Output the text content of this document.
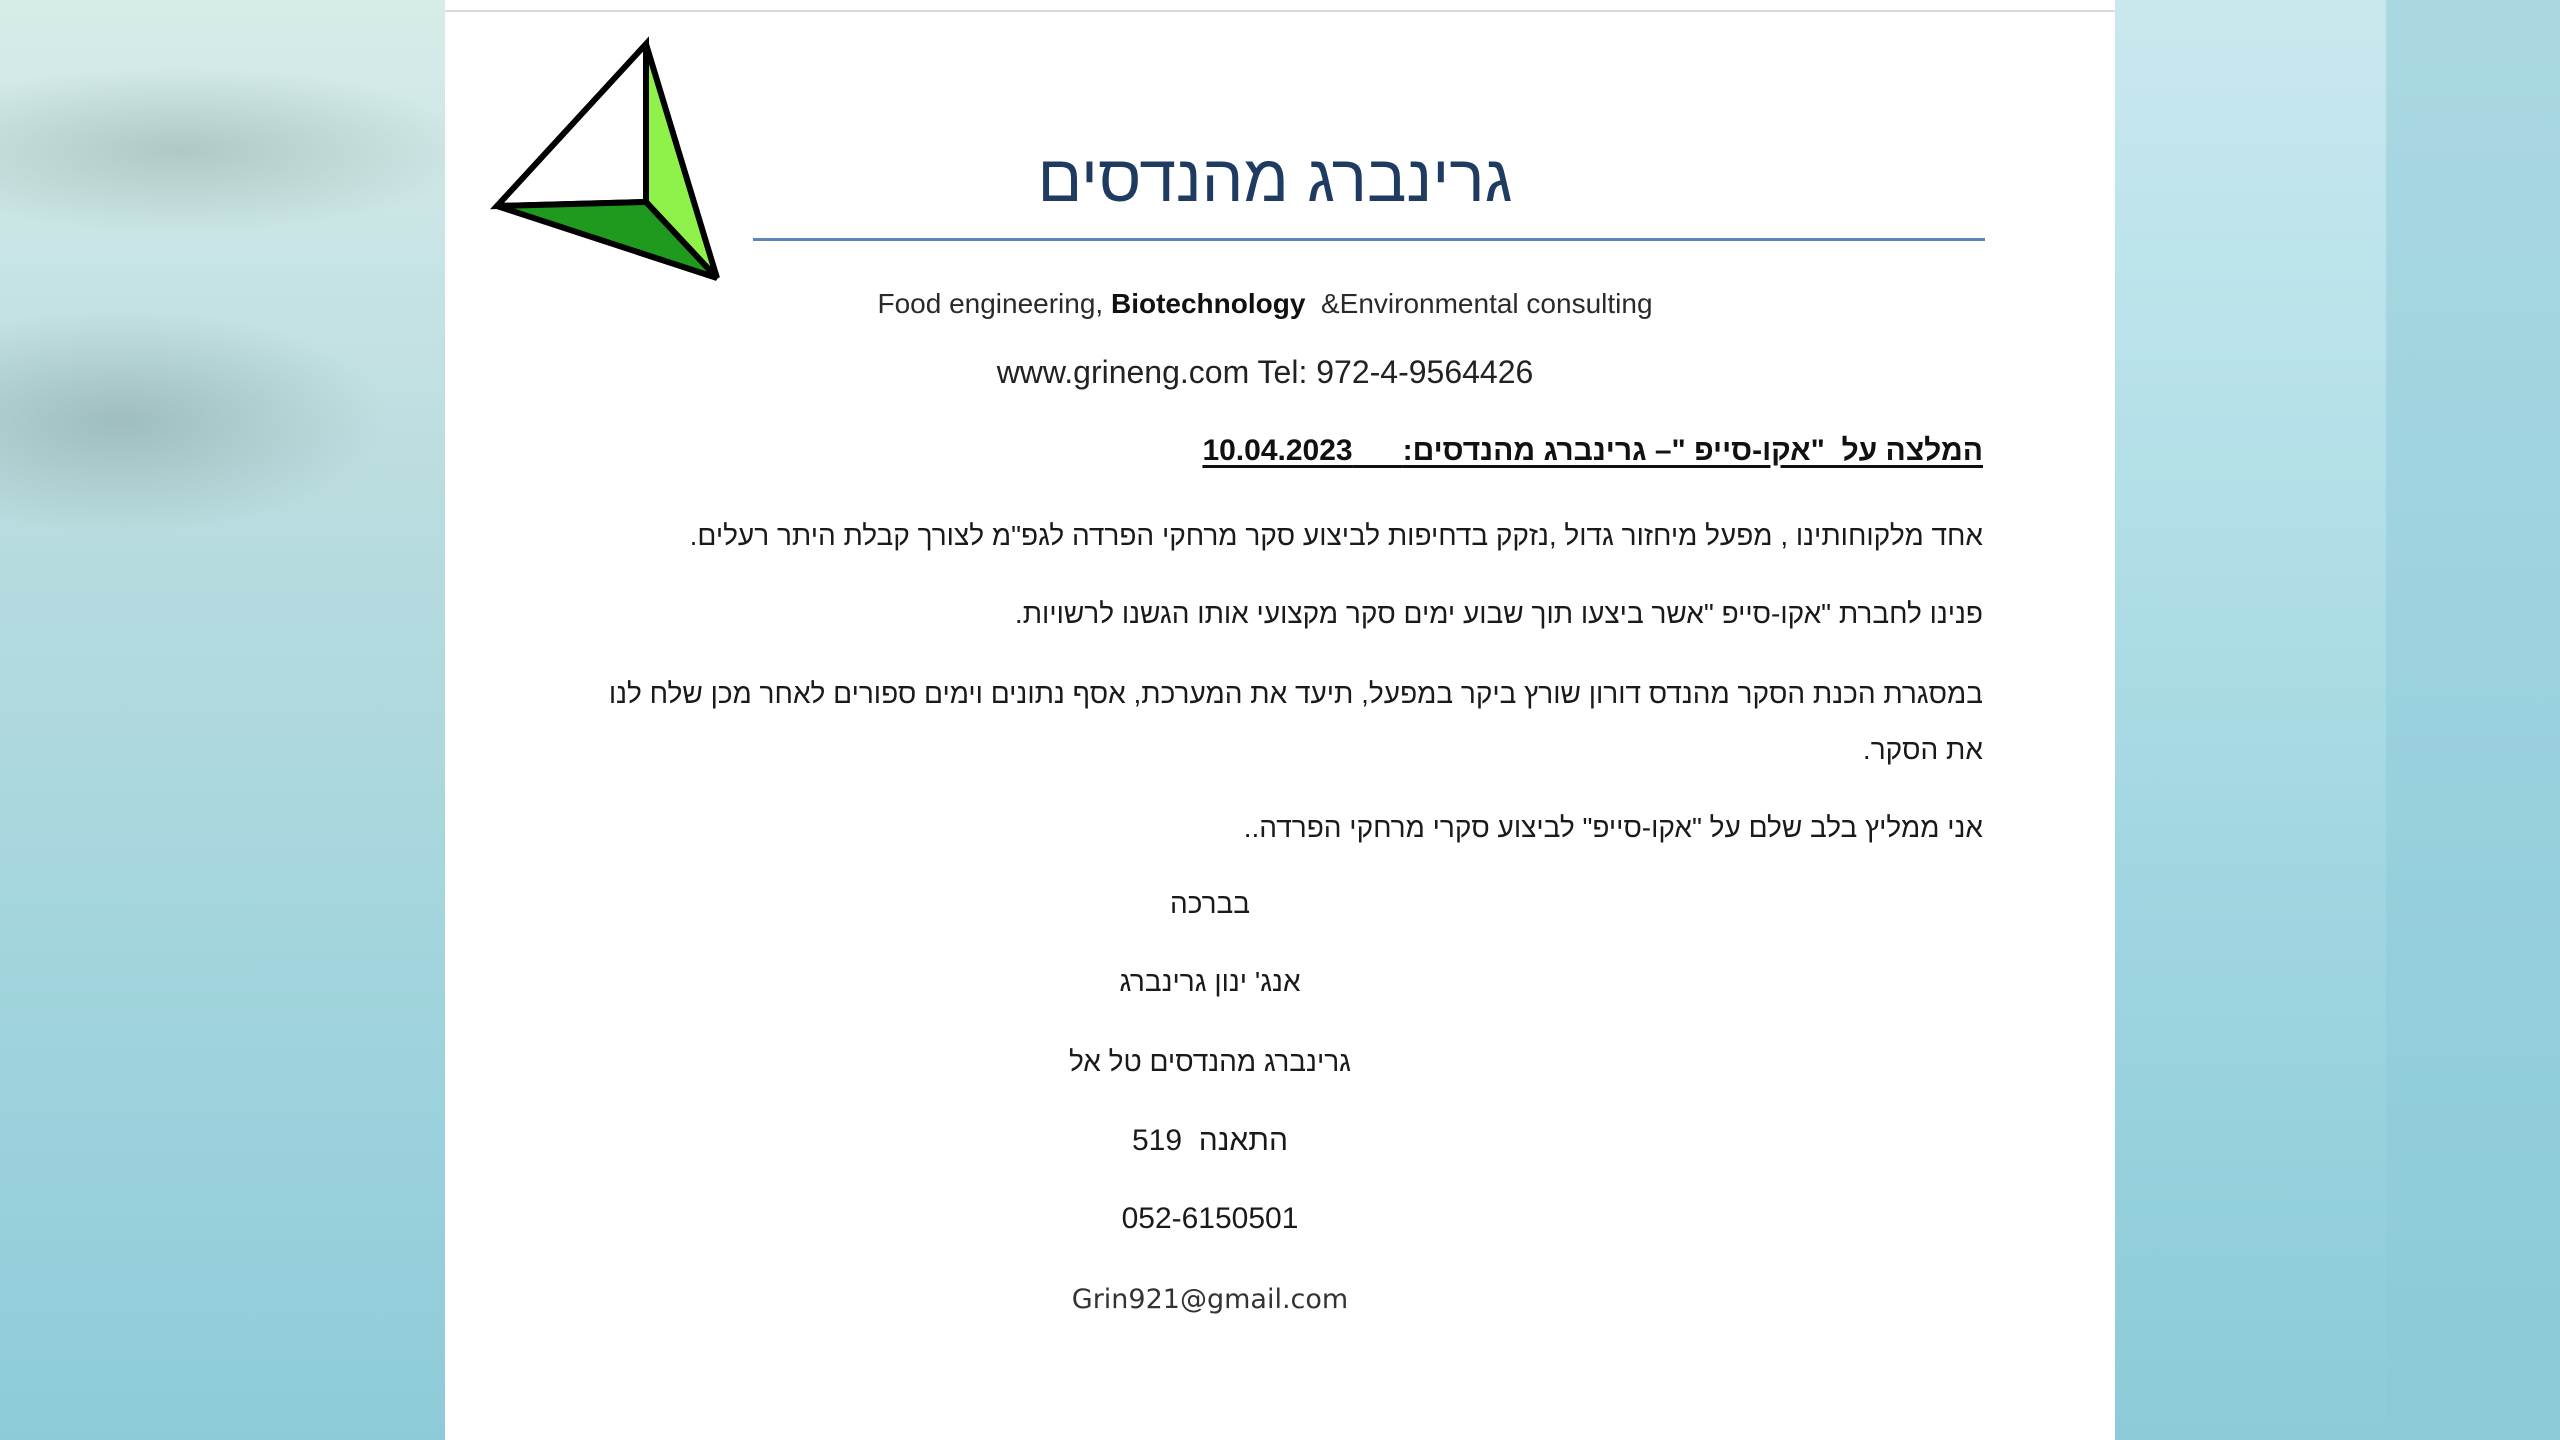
גרינברג מהנדסים
Food engineering, Biotechnology  &Environmental consulting
www.grineng.com Tel: 972-4-9564426
המלצה על  "אקו-סייפ "– גרינברג מהנדסים:      10.04.2023
אחד מלקוחותינו , מפעל מיחזור גדול ,נזקק בדחיפות לביצוע סקר מרחקי הפרדה לגפ"מ לצורך קבלת היתר רעלים.
פנינו לחברת "אקו-סייפ "אשר ביצעו תוך שבוע ימים סקר מקצועי אותו הגשנו לרשויות.
במסגרת הכנת הסקר מהנדס דורון שורץ ביקר במפעל, תיעד את המערכת, אסף נתונים וימים ספורים לאחר מכן שלח לנו את הסקר.
אני ממליץ בלב שלם על "אקו-סייפ" לביצוע סקרי מרחקי הפרדה..
בברכה
אנג' ינון גרינברג
גרינברג מהנדסים טל אל
התאנה  519
052-6150501
Grin921@gmail.com
